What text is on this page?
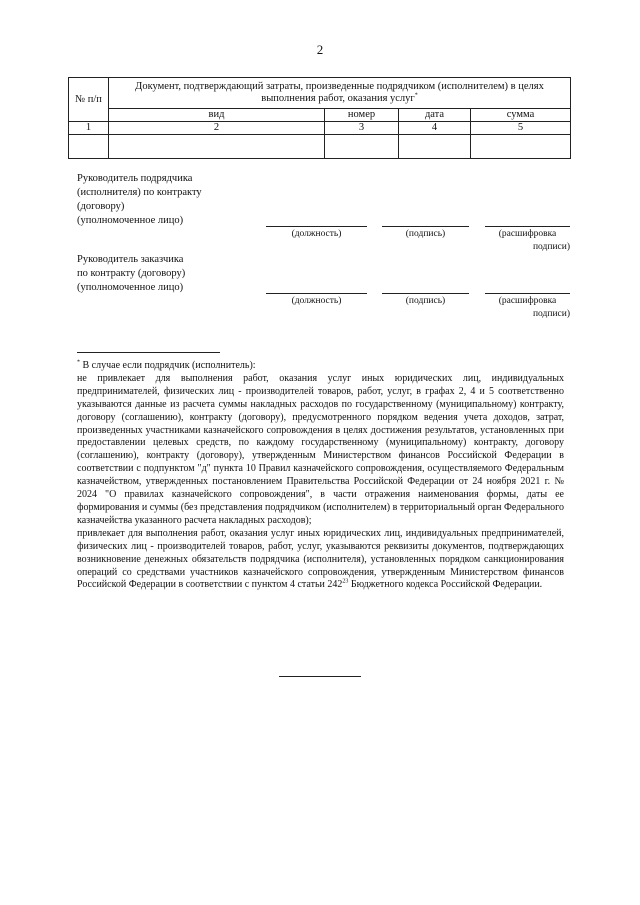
2
№ п/п	Документ, подтверждающий затраты, произведенные подрядчиком (исполнителем) в целях выполнения работ, оказания услуг*
	вид	номер	дата	сумма
1	2	3	4	5

Руководитель подрядчика
(исполнителя) по контракту
(договору)
(уполномоченное лицо)
(должность)	(подпись)	(расшифровка
подписи)
Руководитель заказчика
по контракту (договору)
(уполномоченное лицо)
(должность)	(подпись)	(расшифровка
подписи)

* В случае если подрядчик (исполнитель):

не привлекает для выполнения работ, оказания услуг иных юридических лиц, индивидуальных предпринимателей, физических лиц - производителей товаров, работ, услуг, в графах 2, 4 и 5 соответственно указываются данные из расчета суммы накладных расходов по государственному (муниципальному) контракту, договору (соглашению), контракту (договору), предусмотренного порядком ведения учета доходов, затрат, произведенных участниками казначейского сопровождения в целях достижения результатов, установленных при предоставлении целевых средств, по каждому государственному (муниципальному) контракту, договору (соглашению), контракту (договору), утвержденным Министерством финансов Российской Федерации в соответствии с подпунктом "д" пункта 10 Правил казначейского сопровождения, осуществляемого Федеральным казначейством, утвержденных постановлением Правительства Российской Федерации от 24 ноября 2021 г. № 2024 "О правилах казначейского сопровождения", в части отражения наименования формы, даты ее формирования и суммы (без представления подрядчиком (исполнителем) в территориальный орган Федерального казначейства указанного расчета накладных расходов);

привлекает для выполнения работ, оказания услуг иных юридических лиц, индивидуальных предпринимателей, физических лиц - производителей товаров, работ, услуг, указываются реквизиты документов, подтверждающих возникновение денежных обязательств подрядчика (исполнителя), установленных порядком санкционирования операций со средствами участников казначейского сопровождения, утвержденным Министерством финансов Российской Федерации в соответствии с пунктом 4 статьи $242^{23}$ Бюджетного кодекса Российской Федерации.
